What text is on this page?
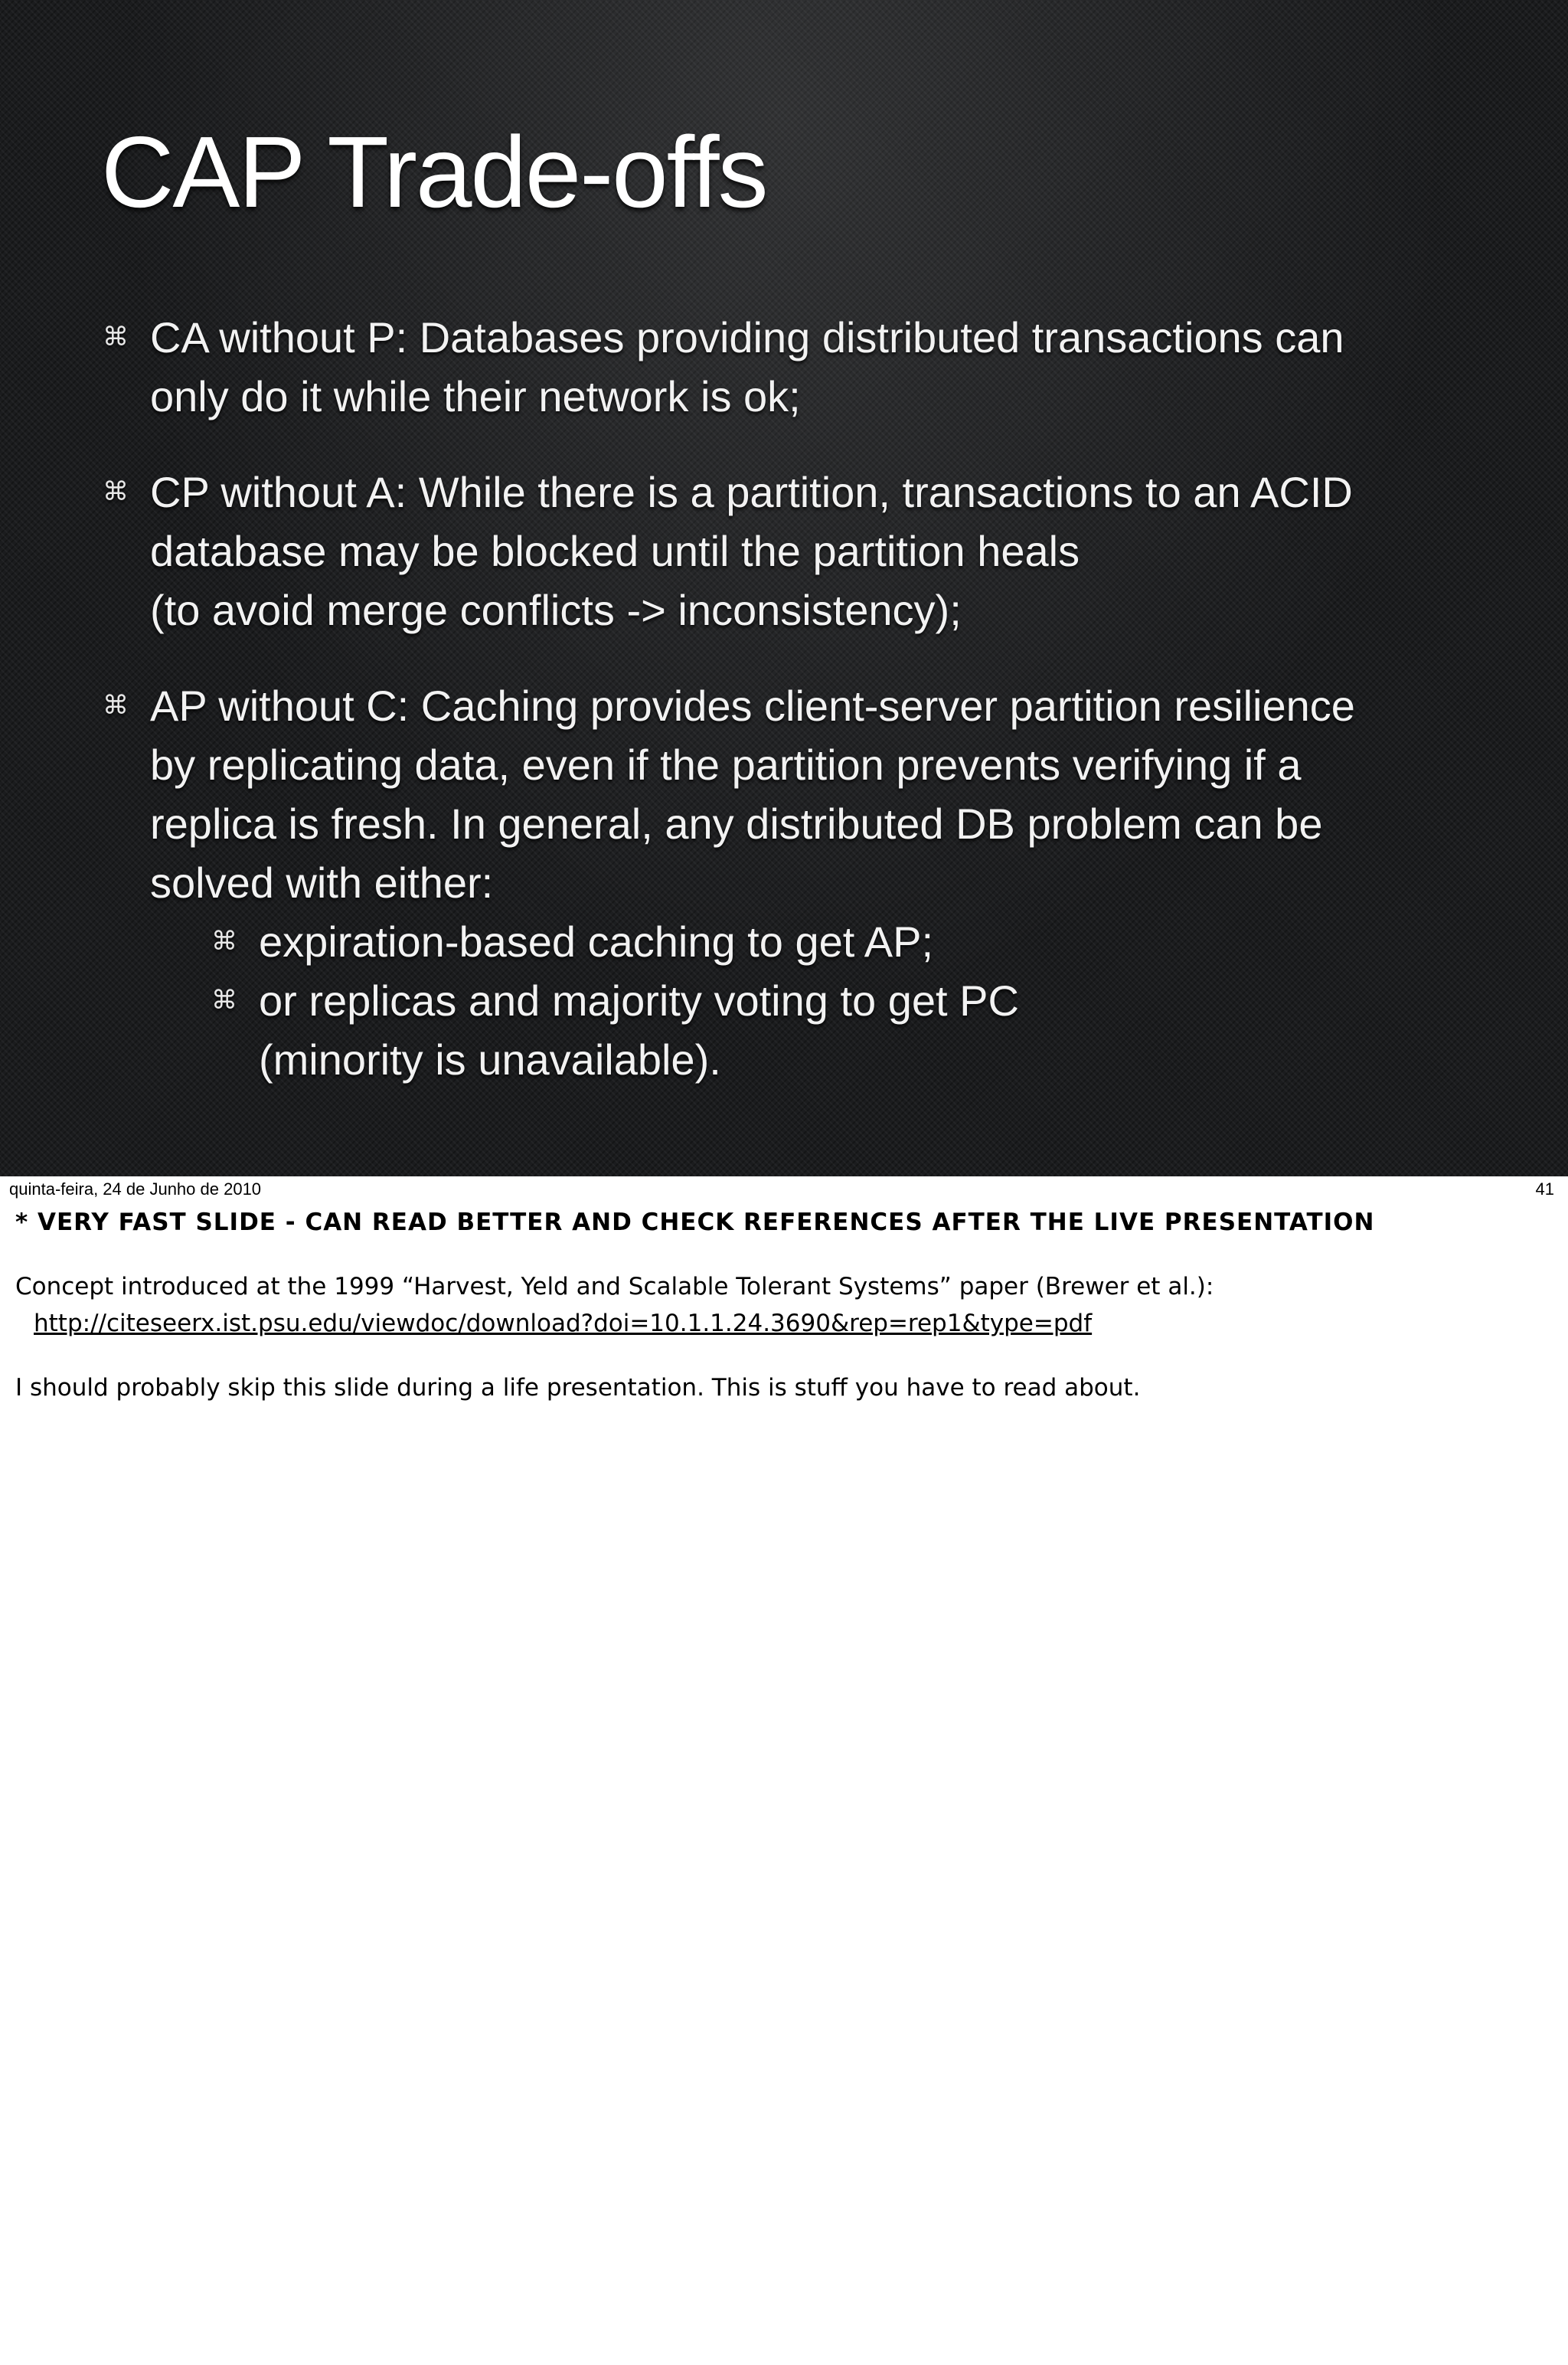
CAP Trade-offs
⌘ CA without P: Databases providing distributed transactions can
only do it while their network is ok;
⌘ CP without A: While there is a partition, transactions to an ACID
database may be blocked until the partition heals
(to avoid merge conflicts -> inconsistency);
⌘ AP without C: Caching provides client-server partition resilience
by replicating data, even if the partition prevents verifying if a
replica is fresh. In general, any distributed DB problem can be
solved with either:
⌘ expiration-based caching to get AP;
⌘ or replicas and majority voting to get PC
(minority is unavailable).
quinta-feira, 24 de Junho de 2010	41

* VERY FAST SLIDE - CAN READ BETTER AND CHECK REFERENCES AFTER THE LIVE PRESENTATION

Concept introduced at the 1999 “Harvest, Yeld and Scalable Tolerant Systems” paper (Brewer et al.):

http://citeseerx.ist.psu.edu/viewdoc/download?doi=10.1.1.24.3690&rep=rep1&type=pdf

I should probably skip this slide during a life presentation. This is stuff you have to read about.
